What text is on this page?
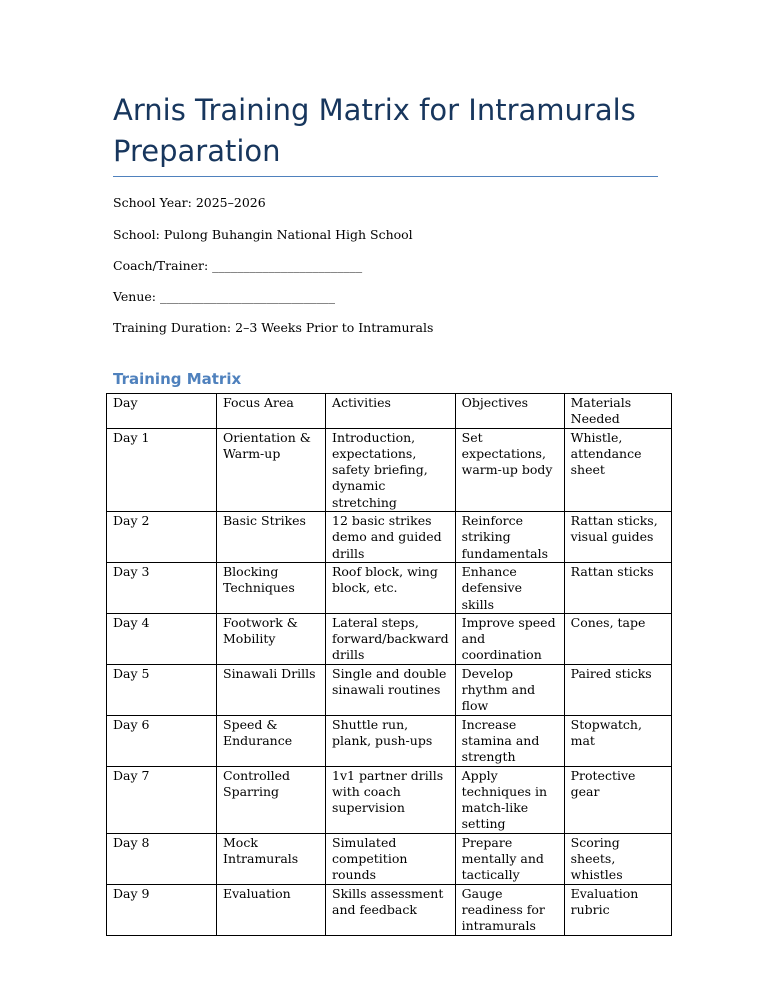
Arnis Training Matrix for Intramurals Preparation
School Year: 2025–2026
School: Pulong Buhangin National High School
Coach/Trainer: ________________________
Venue: ____________________________
Training Duration: 2–3 Weeks Prior to Intramurals
Training Matrix
Day	Focus Area	Activities	Objectives	Materials Needed
Day 1	Orientation & Warm-up	Introduction, expectations, safety briefing, dynamic stretching	Set expectations, warm-up body	Whistle, attendance sheet
Day 2	Basic Strikes	12 basic strikes demo and guided drills	Reinforce striking fundamentals	Rattan sticks, visual guides
Day 3	Blocking Techniques	Roof block, wing block, etc.	Enhance defensive skills	Rattan sticks
Day 4	Footwork & Mobility	Lateral steps, forward/backward drills	Improve speed and coordination	Cones, tape
Day 5	Sinawali Drills	Single and double sinawali routines	Develop rhythm and flow	Paired sticks
Day 6	Speed & Endurance	Shuttle run, plank, push-ups	Increase stamina and strength	Stopwatch, mat
Day 7	Controlled Sparring	1v1 partner drills with coach supervision	Apply techniques in match-like setting	Protective gear
Day 8	Mock Intramurals	Simulated competition rounds	Prepare mentally and tactically	Scoring sheets, whistles
Day 9	Evaluation	Skills assessment and feedback	Gauge readiness for intramurals	Evaluation rubric
